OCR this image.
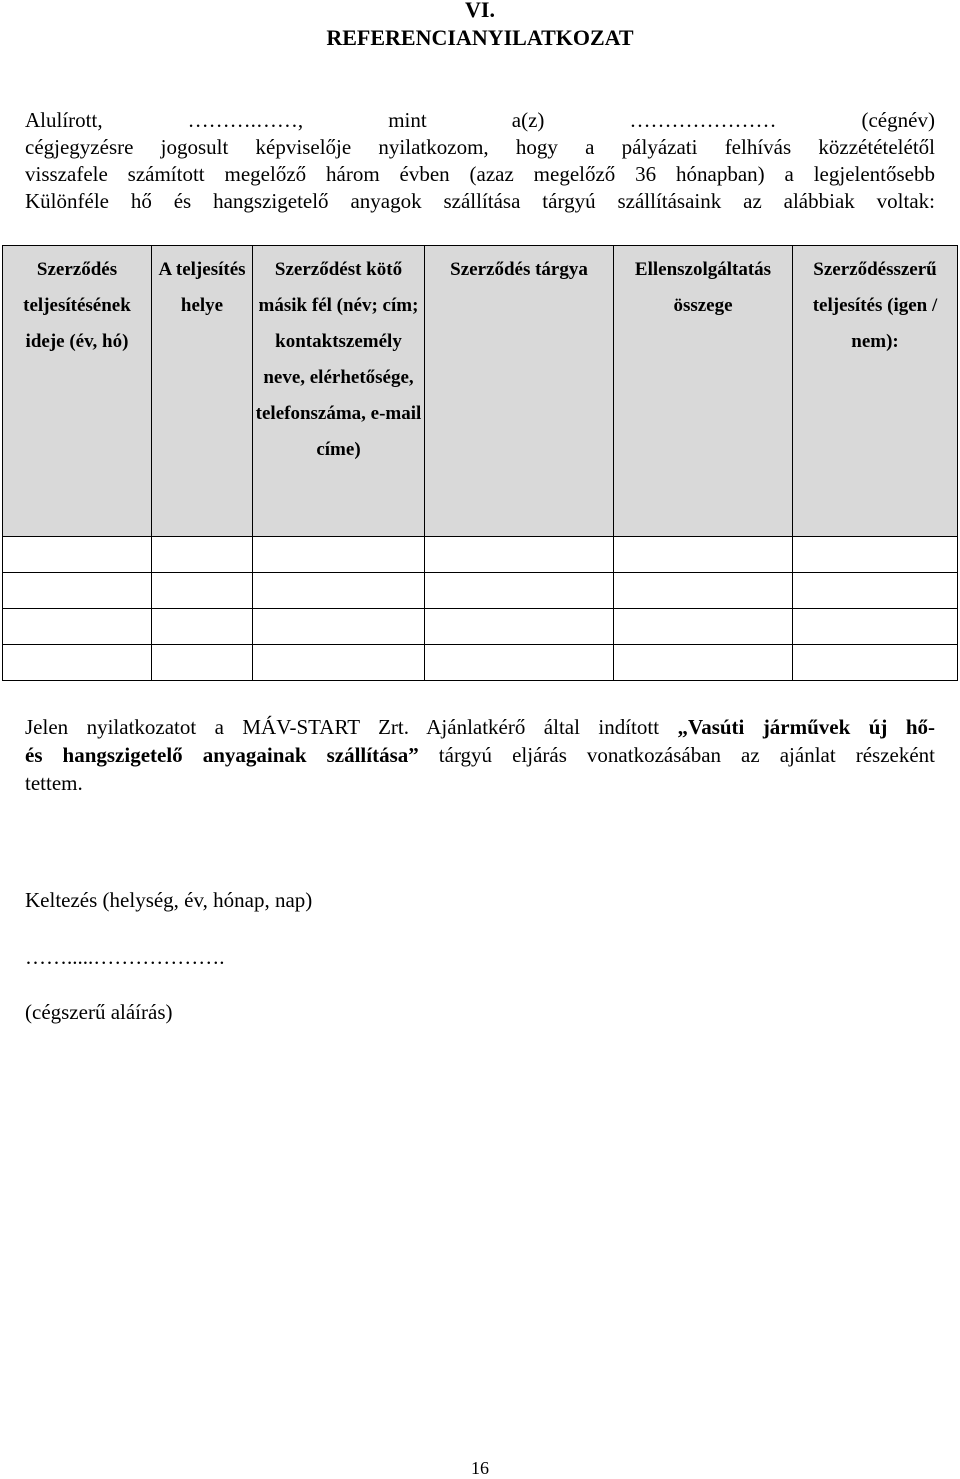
VI.
REFERENCIANYILATKOZAT
Alulírott,	……….……,	mint	a(z)	…………………	(cégnév)
cégjegyzésre jogosult képviselője nyilatkozom, hogy a pályázati felhívás közzétételétől
visszafele számított megelőző három évben (azaz megelőző 36 hónapban) a legjelentősebb
Különféle hő és hangszigetelő anyagok szállítása tárgyú szállításaink az alábbiak voltak:
Szerződés teljesítésének ideje (év, hó)	A teljesítés helye	Szerződést kötő másik fél (név; cím; kontaktszemély neve, elérhetősége, telefonszáma, e-mail címe)	Szerződés tárgya	Ellenszolgáltatás összege	Szerződésszerű teljesítés (igen / nem):

Jelen nyilatkozatot a MÁV-START Zrt. Ajánlatkérő által indított „Vasúti járművek új hő-
és hangszigetelő anyagainak szállítása” tárgyú eljárás vonatkozásában az ajánlat részeként
tettem.
Keltezés (helység, év, hónap, nap)
…….....……………….
(cégszerű aláírás)
16
